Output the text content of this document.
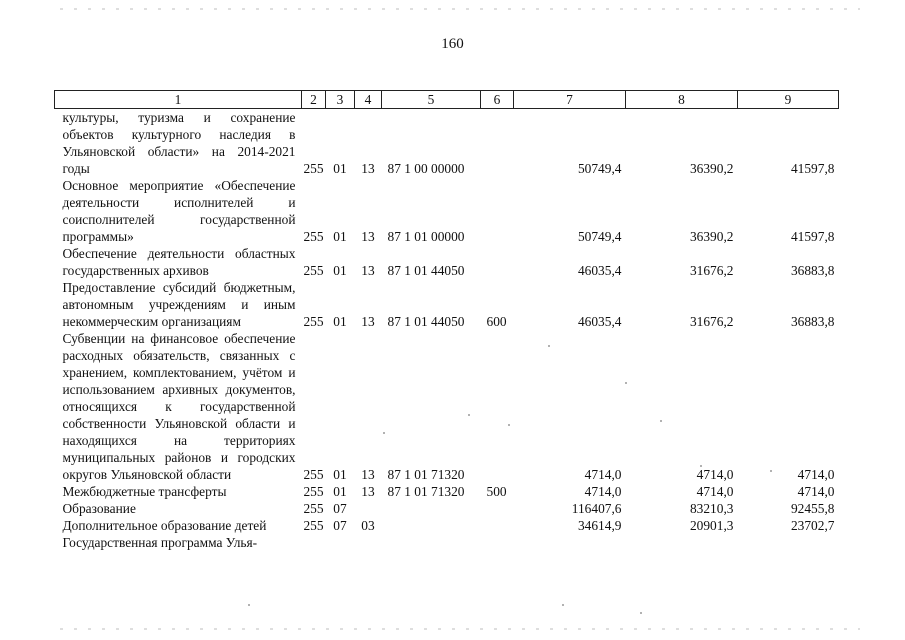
160
1	2	3	4	5	6	7	8	9
культуры, туризма и сохранение объектов культурного наследия в Ульяновской области» на 2014-2021 годы	255	01	13	87 1 00 00000		50749,4	36390,2	41597,8
Основное мероприятие «Обеспечение деятельности исполнителей и соисполнителей государственной программы»	255	01	13	87 1 01 00000		50749,4	36390,2	41597,8
Обеспечение деятельности областных государственных архивов	255	01	13	87 1 01 44050		46035,4	31676,2	36883,8
Предоставление субсидий бюджетным, автономным учреждениям и иным некоммерческим организациям	255	01	13	87 1 01 44050	600	46035,4	31676,2	36883,8
Субвенции на финансовое обеспечение расходных обязательств, связанных с хранением, комплектованием, учётом и использованием архивных документов, относящихся к государственной собственности Ульяновской области и находящихся на территориях муниципальных районов и городских округов Ульяновской области	255	01	13	87 1 01 71320		4714,0	4714,0	4714,0
Межбюджетные трансферты	255	01	13	87 1 01 71320	500	4714,0	4714,0	4714,0
Образование	255	07				116407,6	83210,3	92455,8
Дополнительное образование детей	255	07	03			34614,9	20901,3	23702,7
Государственная программа Улья-								
